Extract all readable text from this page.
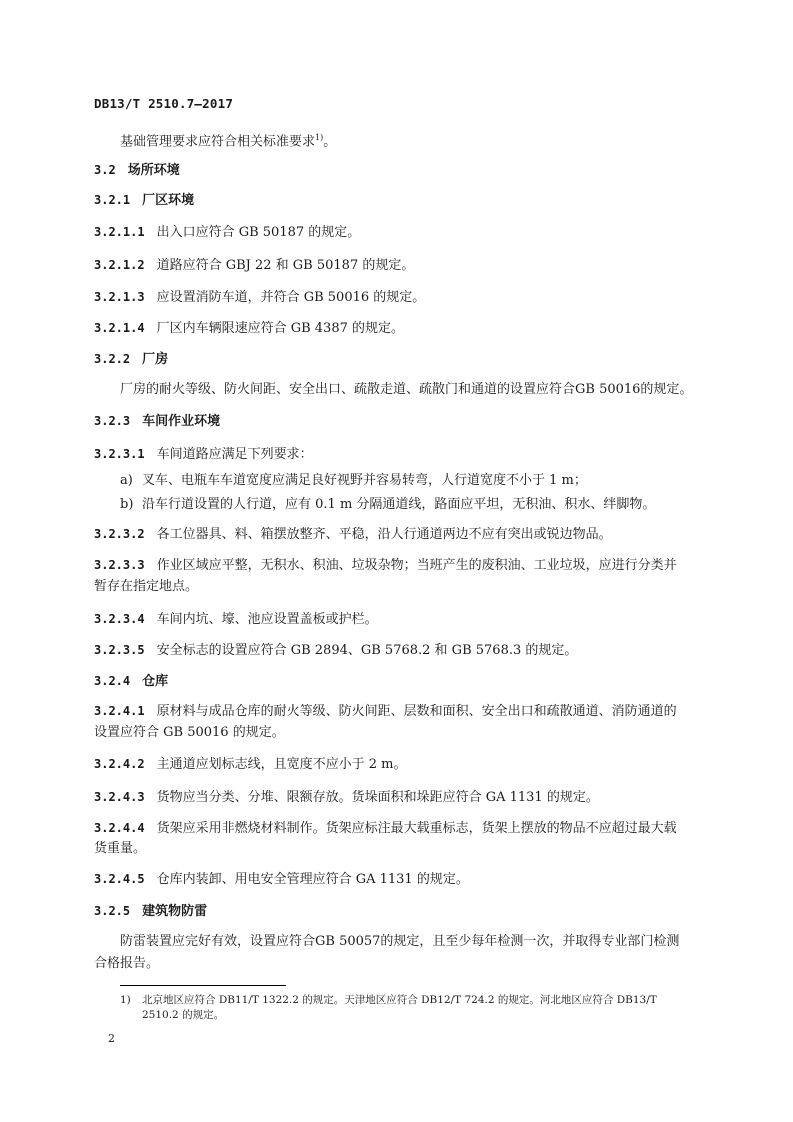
DB13/T 2510.7—2017
基础管理要求应符合相关标准要求$^{1)}$。
3.2 场所环境
3.2.1 厂区环境
3.2.1.1 出入口应符合 GB 50187 的规定。
3.2.1.2 道路应符合 GBJ 22 和 GB 50187 的规定。
3.2.1.3 应设置消防车道，并符合 GB 50016 的规定。
3.2.1.4 厂区内车辆限速应符合 GB 4387 的规定。
3.2.2 厂房
厂房的耐火等级、防火间距、安全出口、疏散走道、疏散门和通道的设置应符合GB 50016的规定。
3.2.3 车间作业环境
3.2.3.1 车间道路应满足下列要求：
a) 叉车、电瓶车车道宽度应满足良好视野并容易转弯，人行道宽度不小于 1 m；
b) 沿车行道设置的人行道，应有 0.1 m 分隔通道线，路面应平坦，无积油、积水、绊脚物。
3.2.3.2 各工位器具、料、箱摆放整齐、平稳，沿人行通道两边不应有突出或锐边物品。
3.2.3.3 作业区域应平整，无积水、积油、垃圾杂物；当班产生的废积油、工业垃圾，应进行分类并
暂存在指定地点。
3.2.3.4 车间内坑、壕、池应设置盖板或护栏。
3.2.3.5 安全标志的设置应符合 GB 2894、GB 5768.2 和 GB 5768.3 的规定。
3.2.4 仓库
3.2.4.1 原材料与成品仓库的耐火等级、防火间距、层数和面积、安全出口和疏散通道、消防通道的
设置应符合 GB 50016 的规定。
3.2.4.2 主通道应划标志线，且宽度不应小于 2 m。
3.2.4.3 货物应当分类、分堆、限额存放。货垛面积和垛距应符合 GA 1131 的规定。
3.2.4.4 货架应采用非燃烧材料制作。货架应标注最大载重标志，货架上摆放的物品不应超过最大载
货重量。
3.2.4.5 仓库内装卸、用电安全管理应符合 GA 1131 的规定。
3.2.5 建筑物防雷
防雷装置应完好有效，设置应符合GB 50057的规定，且至少每年检测一次，并取得专业部门检测
合格报告。
1) 北京地区应符合 DB11/T 1322.2 的规定。天津地区应符合 DB12/T 724.2 的规定。河北地区应符合 DB13/T
2510.2 的规定。
2
